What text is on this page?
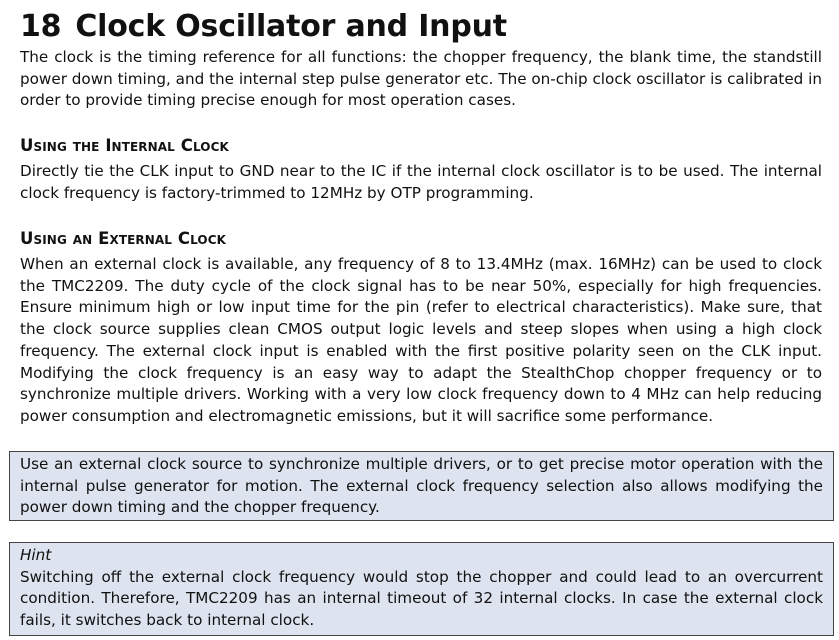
18 Clock Oscillator and Input

The clock is the timing reference for all functions: the chopper frequency, the blank time, the standstill power down timing, and the internal step pulse generator etc. The on-chip clock oscillator is calibrated in order to provide timing precise enough for most operation cases.

Using the Internal Clock

Directly tie the CLK input to GND near to the IC if the internal clock oscillator is to be used. The internal clock frequency is factory-trimmed to 12MHz by OTP programming.

Using an External Clock

When an external clock is available, any frequency of 8 to 13.4MHz (max. 16MHz) can be used to clock the TMC2209. The duty cycle of the clock signal has to be near 50%, especially for high frequencies. Ensure minimum high or low input time for the pin (refer to electrical characteristics). Make sure, that the clock source supplies clean CMOS output logic levels and steep slopes when using a high clock frequency. The external clock input is enabled with the first positive polarity seen on the CLK input. Modifying the clock frequency is an easy way to adapt the StealthChop chopper frequency or to synchronize multiple drivers. Working with a very low clock frequency down to 4 MHz can help reducing power consumption and electromagnetic emissions, but it will sacrifice some performance.

Use an external clock source to synchronize multiple drivers, or to get precise motor operation with the internal pulse generator for motion. The external clock frequency selection also allows modifying the power down timing and the chopper frequency.

Hint

Switching off the external clock frequency would stop the chopper and could lead to an overcurrent condition. Therefore, TMC2209 has an internal timeout of 32 internal clocks. In case the external clock fails, it switches back to internal clock.
